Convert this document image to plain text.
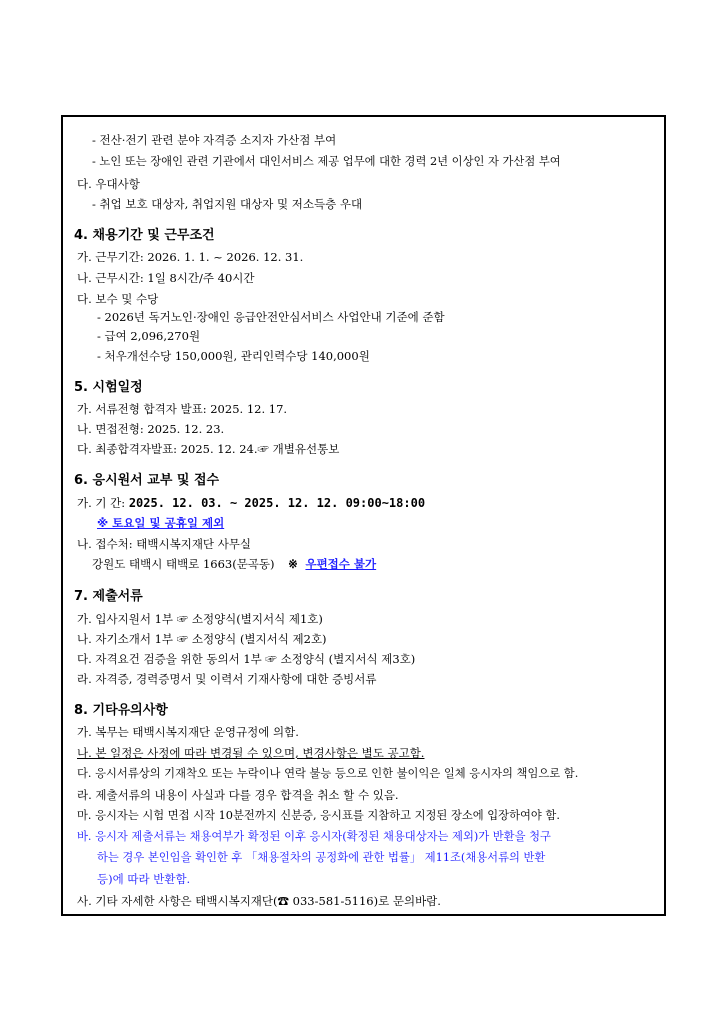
- 전산·전기 관련 분야 자격증 소지자 가산점 부여
- 노인 또는 장애인 관련 기관에서 대인서비스 제공 업무에 대한 경력 2년 이상인 자 가산점 부여
다. 우대사항
- 취업 보호 대상자, 취업지원 대상자 및 저소득층 우대
4. 채용기간 및 근무조건
가. 근무기간: 2026. 1. 1. ~ 2026. 12. 31.
나. 근무시간: 1일 8시간/주 40시간
다. 보수 및 수당
- 2026년 독거노인·장애인 응급안전안심서비스 사업안내 기준에 준함
- 급여 2,096,270원
- 처우개선수당 150,000원, 관리인력수당 140,000원
5. 시험일정
가. 서류전형 합격자 발표: 2025. 12. 17.
나. 면접전형: 2025. 12. 23.
다. 최종합격자발표: 2025. 12. 24.☞ 개별유선통보
6. 응시원서 교부 및 접수
가. 기 간: 2025. 12. 03. ~ 2025. 12. 12. 09:00~18:00
※ 토요일 및 공휴일 제외
나. 접수처: 태백시복지재단 사무실
강원도 태백시 태백로 1663(문곡동) ※ 우편접수 불가
7. 제출서류
가. 입사지원서 1부 ☞ 소정양식(별지서식 제1호)
나. 자기소개서 1부 ☞ 소정양식 (별지서식 제2호)
다. 자격요건 검증을 위한 동의서 1부 ☞ 소정양식 (별지서식 제3호)
라. 자격증, 경력증명서 및 이력서 기재사항에 대한 증빙서류
8. 기타유의사항
가. 복무는 태백시복지재단 운영규정에 의함.
나. 본 일정은 사정에 따라 변경될 수 있으며, 변경사항은 별도 공고함.
다. 응시서류상의 기재착오 또는 누락이나 연락 불능 등으로 인한 불이익은 일체 응시자의 책임으로 함.
라. 제출서류의 내용이 사실과 다를 경우 합격을 취소 할 수 있음.
마. 응시자는 시험 면접 시작 10분전까지 신분증, 응시표를 지참하고 지정된 장소에 입장하여야 함.
바. 응시자 제출서류는 채용여부가 확정된 이후 응시자(확정된 채용대상자는 제외)가 반환을 청구
하는 경우 본인임을 확인한 후 「채용절차의 공정화에 관한 법률」 제11조(채용서류의 반환
등)에 따라 반환함.
사. 기타 자세한 사항은 태백시복지재단(☎ 033-581-5116)로 문의바람.
